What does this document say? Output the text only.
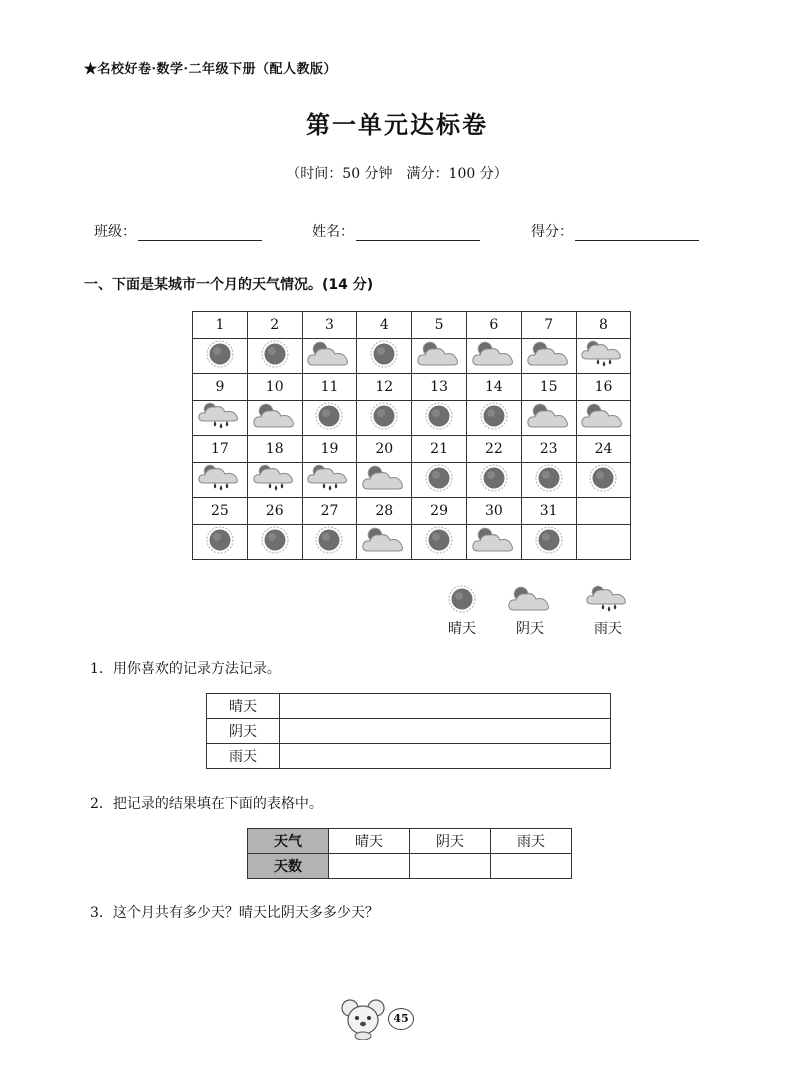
★名校好卷·数学·二年级下册（配人教版）
第一单元达标卷
（时间：50 分钟　满分：100 分）
班级：	姓名：	得分：
一、下面是某城市一个月的天气情况。(14 分)
1	2	3	4	5	6	7	8

9	10	11	12	13	14	15	16

17	18	19	20	21	22	23	24

25	26	27	28	29	30	31	

晴天	阴天	雨天
1．用你喜欢的记录方法记录。
晴天	
阴天	
雨天	
2．把记录的结果填在下面的表格中。
天气	晴天	阴天	雨天
天数			
3．这个月共有多少天？晴天比阴天多多少天？
45
